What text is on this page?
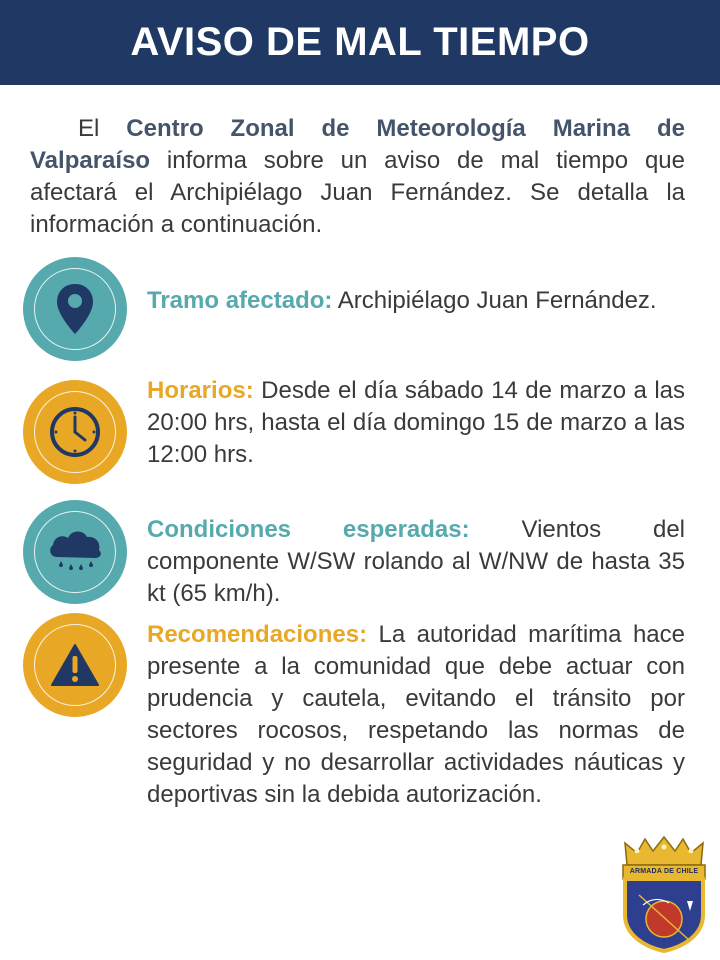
AVISO DE MAL TIEMPO

El Centro Zonal de Meteorología Marina de Valparaíso informa sobre un aviso de mal tiempo que afectará el Archipiélago Juan Fernández. Se detalla la información a continuación.

Tramo afectado: Archipiélago Juan Fernández.
Horarios: Desde el día sábado 14 de marzo a las 20:00 hrs, hasta el día domingo 15 de marzo a las 12:00 hrs.
Condiciones esperadas: Vientos del componente W/SW rolando al W/NW de hasta 35 kt (65 km/h).
Recomendaciones: La autoridad marítima hace presente a la comunidad que debe actuar con prudencia y cautela, evitando el tránsito por sectores rocosos, respetando las normas de seguridad y no desarrollar actividades náuticas y deportivas sin la debida autorización.
ARMADA DE CHILE
